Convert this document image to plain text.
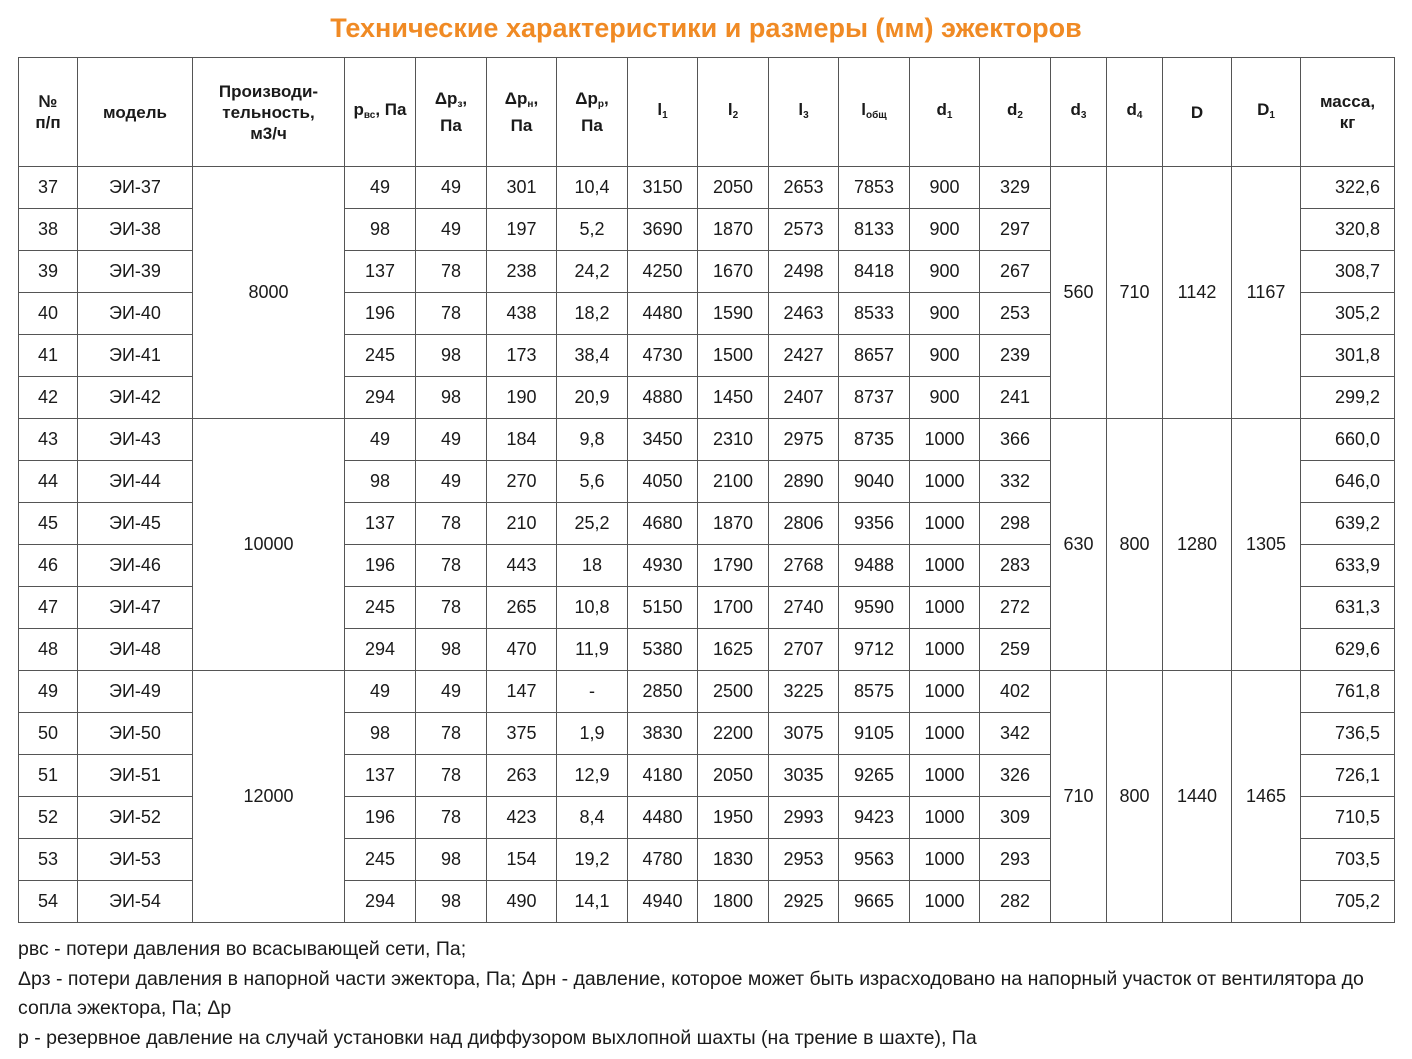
Технические характеристики и размеры (мм) эжекторов
№
п/п	модель	Производи-
тельность,
м3/ч	$р_{вс}$, Па	$\Delta р_з$,
Па	$\Delta р_н$,
Па	$\Delta р_р$,
Па	$l_1$	$l_2$	$l_3$	$l_{общ}$	$d_1$	$d_2$	$d_3$	$d_4$	D	$D_1$	масса,
кг
37	ЭИ-37	8000	49	49	301	10,4	3150	2050	2653	7853	900	329	560	710	1142	1167	322,6
38	ЭИ-38		98	49	197	5,2	3690	1870	2573	8133	900	297					320,8
39	ЭИ-39		137	78	238	24,2	4250	1670	2498	8418	900	267					308,7
40	ЭИ-40		196	78	438	18,2	4480	1590	2463	8533	900	253					305,2
41	ЭИ-41		245	98	173	38,4	4730	1500	2427	8657	900	239					301,8
42	ЭИ-42		294	98	190	20,9	4880	1450	2407	8737	900	241					299,2
43	ЭИ-43	10000	49	49	184	9,8	3450	2310	2975	8735	1000	366	630	800	1280	1305	660,0
44	ЭИ-44		98	49	270	5,6	4050	2100	2890	9040	1000	332					646,0
45	ЭИ-45		137	78	210	25,2	4680	1870	2806	9356	1000	298					639,2
46	ЭИ-46		196	78	443	18	4930	1790	2768	9488	1000	283					633,9
47	ЭИ-47		245	78	265	10,8	5150	1700	2740	9590	1000	272					631,3
48	ЭИ-48		294	98	470	11,9	5380	1625	2707	9712	1000	259					629,6
49	ЭИ-49	12000	49	49	147	-	2850	2500	3225	8575	1000	402	710	800	1440	1465	761,8
50	ЭИ-50		98	78	375	1,9	3830	2200	3075	9105	1000	342					736,5
51	ЭИ-51		137	78	263	12,9	4180	2050	3035	9265	1000	326					726,1
52	ЭИ-52		196	78	423	8,4	4480	1950	2993	9423	1000	309					710,5
53	ЭИ-53		245	98	154	19,2	4780	1830	2953	9563	1000	293					703,5
54	ЭИ-54		294	98	490	14,1	4940	1800	2925	9665	1000	282					705,2

pвс - потери давления во всасывающей сети, Па;

Δрз - потери давления в напорной части эжектора, Па; Δрн - давление, которое может быть израсходовано на напорный участок от вентилятора до сопла эжектора, Па; Δр

р - резервное давление на случай установки над диффузором выхлопной шахты (на трение в шахте), Па
